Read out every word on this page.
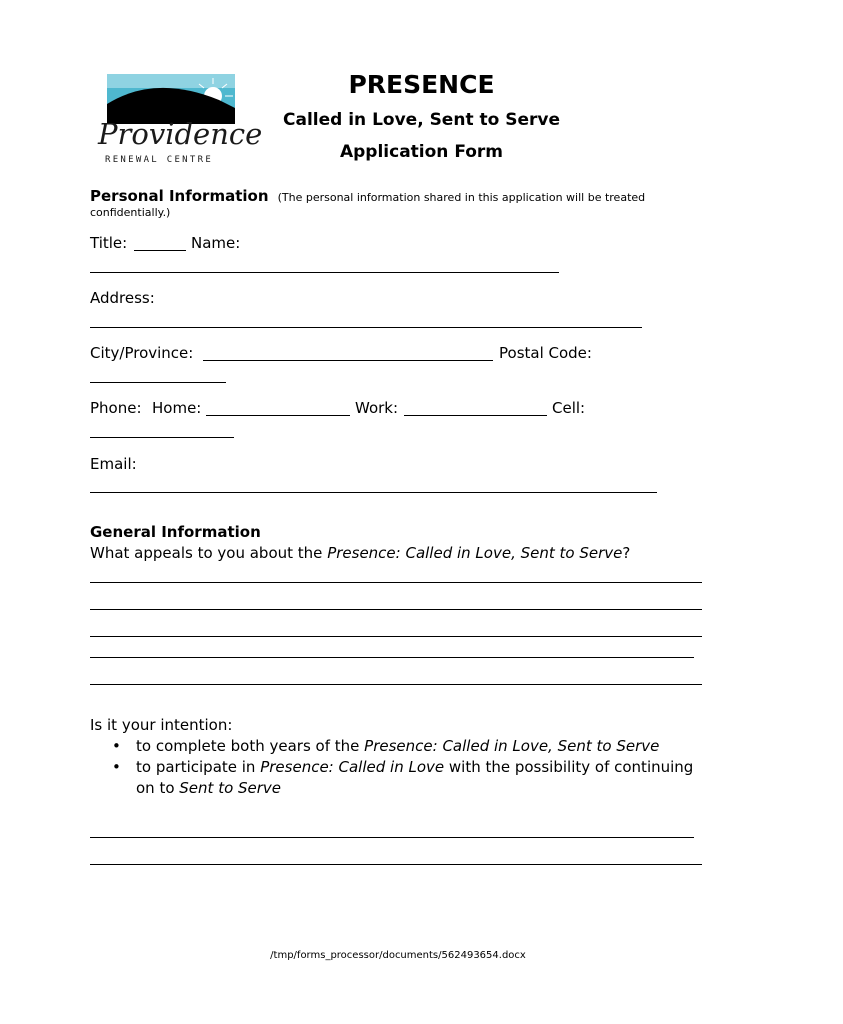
Providence
RENEWAL CENTRE
PRESENCE
Called in Love, Sent to Serve
Application Form
Personal Information (The personal information shared in this application will be treated
confidentially.)
Title:	Name:
Address:
City/Province:	Postal Code:
Phone: Home:	Work:	Cell:
Email:
General Information
What appeals to you about the Presence: Called in Love, Sent to Serve?
Is it your intention:
• to complete both years of the Presence: Called in Love, Sent to Serve
• to participate in Presence: Called in Love with the possibility of continuing on to Sent to Serve
/tmp/forms_processor/documents/562493654.docx
